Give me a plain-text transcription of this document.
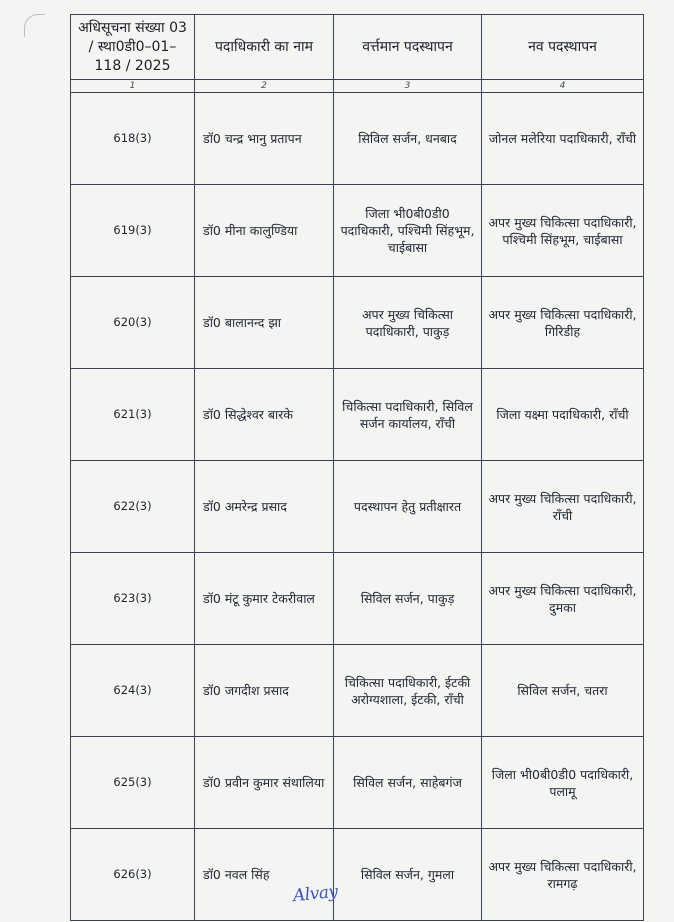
अधिसूचना संख्या 03 / स्था0डी0–01–118 / 2025	पदाधिकारी का नाम	वर्त्तमान पदस्थापन	नव पदस्थापन
1	2	3	4
618(3)	डॉ0 चन्द्र भानु प्रतापन	सिविल सर्जन, धनबाद	जोनल मलेरिया पदाधिकारी, राँची
619(3)	डॉ0 मीना कालुण्डिया	जिला भी0बी0डी0 पदाधिकारी, पश्चिमी सिंहभूम, चाईबासा	अपर मुख्य चिकित्सा पदाधिकारी, पश्चिमी सिंहभूम, चाईबासा
620(3)	डॉ0 बालानन्द झा	अपर मुख्य चिकित्सा पदाधिकारी, पाकुड़	अपर मुख्य चिकित्सा पदाधिकारी, गिरिडीह
621(3)	डॉ0 सिद्धेश्वर बारके	चिकित्सा पदाधिकारी, सिविल सर्जन कार्यालय, राँची	जिला यक्ष्मा पदाधिकारी, राँची
622(3)	डॉ0 अमरेन्द्र प्रसाद	पदस्थापन हेतु प्रतीक्षारत	अपर मुख्य चिकित्सा पदाधिकारी, राँची
623(3)	डॉ0 मंटू कुमार टेकरीवाल	सिविल सर्जन, पाकुड़	अपर मुख्य चिकित्सा पदाधिकारी, दुमका
624(3)	डॉ0 जगदीश प्रसाद	चिकित्सा पदाधिकारी, ईटकी अरोग्यशाला, ईटकी, राँची	सिविल सर्जन, चतरा
625(3)	डॉ0 प्रवीन कुमार संथालिया	सिविल सर्जन, साहेबगंज	जिला भी0बी0डी0 पदाधिकारी, पलामू
626(3)	डॉ0 नवल सिंह	सिविल सर्जन, गुमला	अपर मुख्य चिकित्सा पदाधिकारी, रामगढ़
Alvay
